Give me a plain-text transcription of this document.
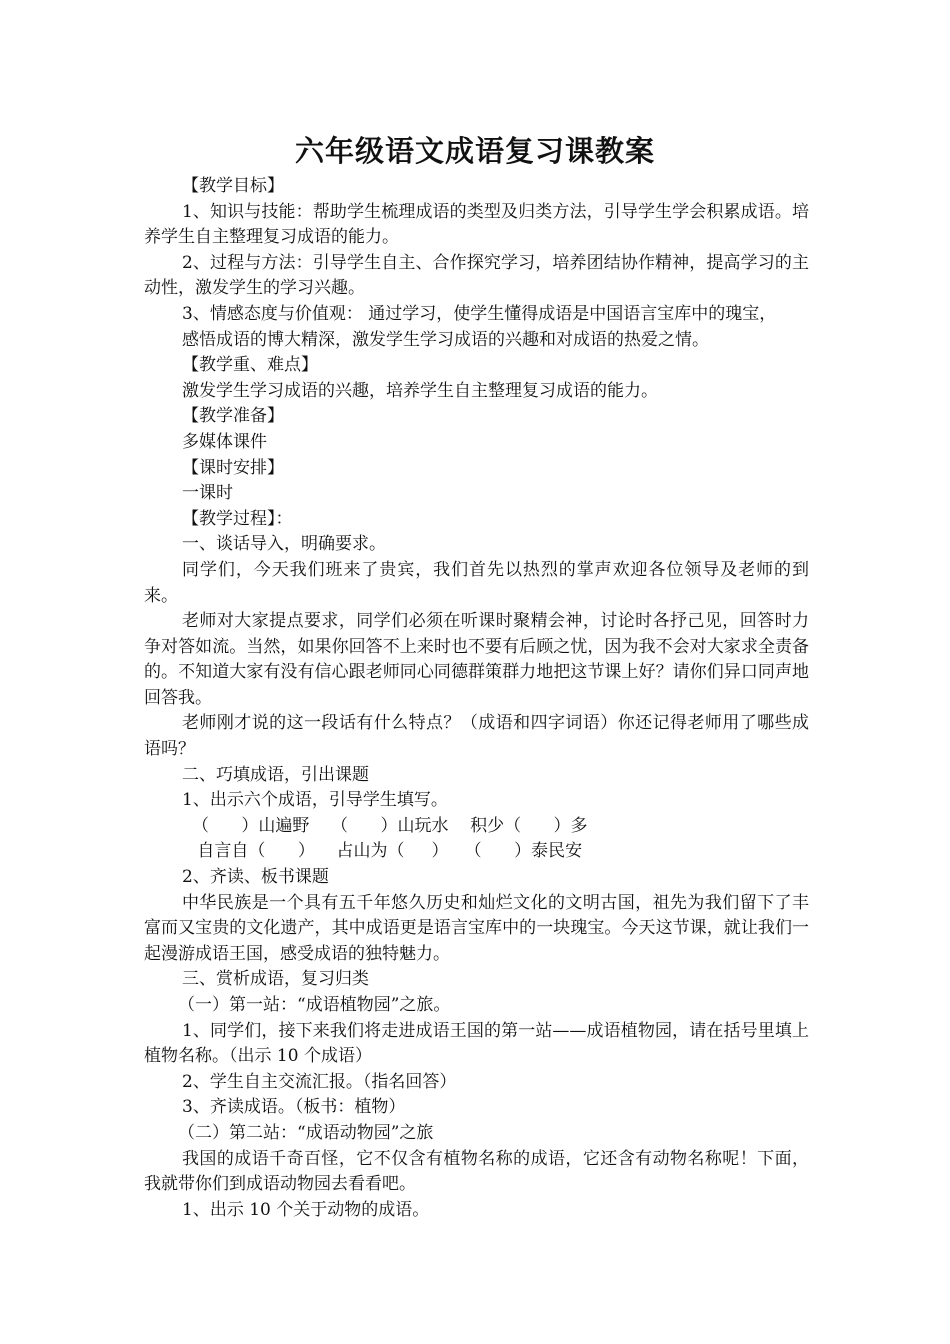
六年级语文成语复习课教案

【教学目标】

1、知识与技能：帮助学生梳理成语的类型及归类方法，引导学生学会积累成语。培养学生自主整理复习成语的能力。

2、过程与方法：引导学生自主、合作探究学习，培养团结协作精神，提高学习的主动性，激发学生的学习兴趣。

3、情感态度与价值观： 通过学习，使学生懂得成语是中国语言宝库中的瑰宝，

感悟成语的博大精深，激发学生学习成语的兴趣和对成语的热爱之情。

【教学重、难点】

激发学生学习成语的兴趣，培养学生自主整理复习成语的能力。

【教学准备】

多媒体课件

【课时安排】

一课时

【教学过程】：

一、谈话导入，明确要求。

同学们，今天我们班来了贵宾，我们首先以热烈的掌声欢迎各位领导及老师的到来。

老师对大家提点要求，同学们必须在听课时聚精会神，讨论时各抒己见，回答时力争对答如流。当然，如果你回答不上来时也不要有后顾之忧，因为我不会对大家求全责备的。不知道大家有没有信心跟老师同心同德群策群力地把这节课上好？请你们异口同声地回答我。

老师刚才说的这一段话有什么特点？（成语和四字词语）你还记得老师用了哪些成语吗？

二、巧填成语，引出课题

1、出示六个成语，引导学生填写。

（      ）山遍野    （      ）山玩水    积少（      ）多

自言自（      ）    占山为（     ）   （      ）泰民安

2、齐读、板书课题

中华民族是一个具有五千年悠久历史和灿烂文化的文明古国，祖先为我们留下了丰富而又宝贵的文化遗产，其中成语更是语言宝库中的一块瑰宝。今天这节课，就让我们一起漫游成语王国，感受成语的独特魅力。

三、赏析成语，复习归类

（一）第一站：“成语植物园”之旅。

1、同学们，接下来我们将走进成语王国的第一站——成语植物园，请在括号里填上植物名称。（出示 10 个成语）

2、学生自主交流汇报。（指名回答）

3、齐读成语。（板书：植物）

（二）第二站：“成语动物园”之旅

我国的成语千奇百怪，它不仅含有植物名称的成语，它还含有动物名称呢！下面，我就带你们到成语动物园去看看吧。

1、出示 10 个关于动物的成语。
